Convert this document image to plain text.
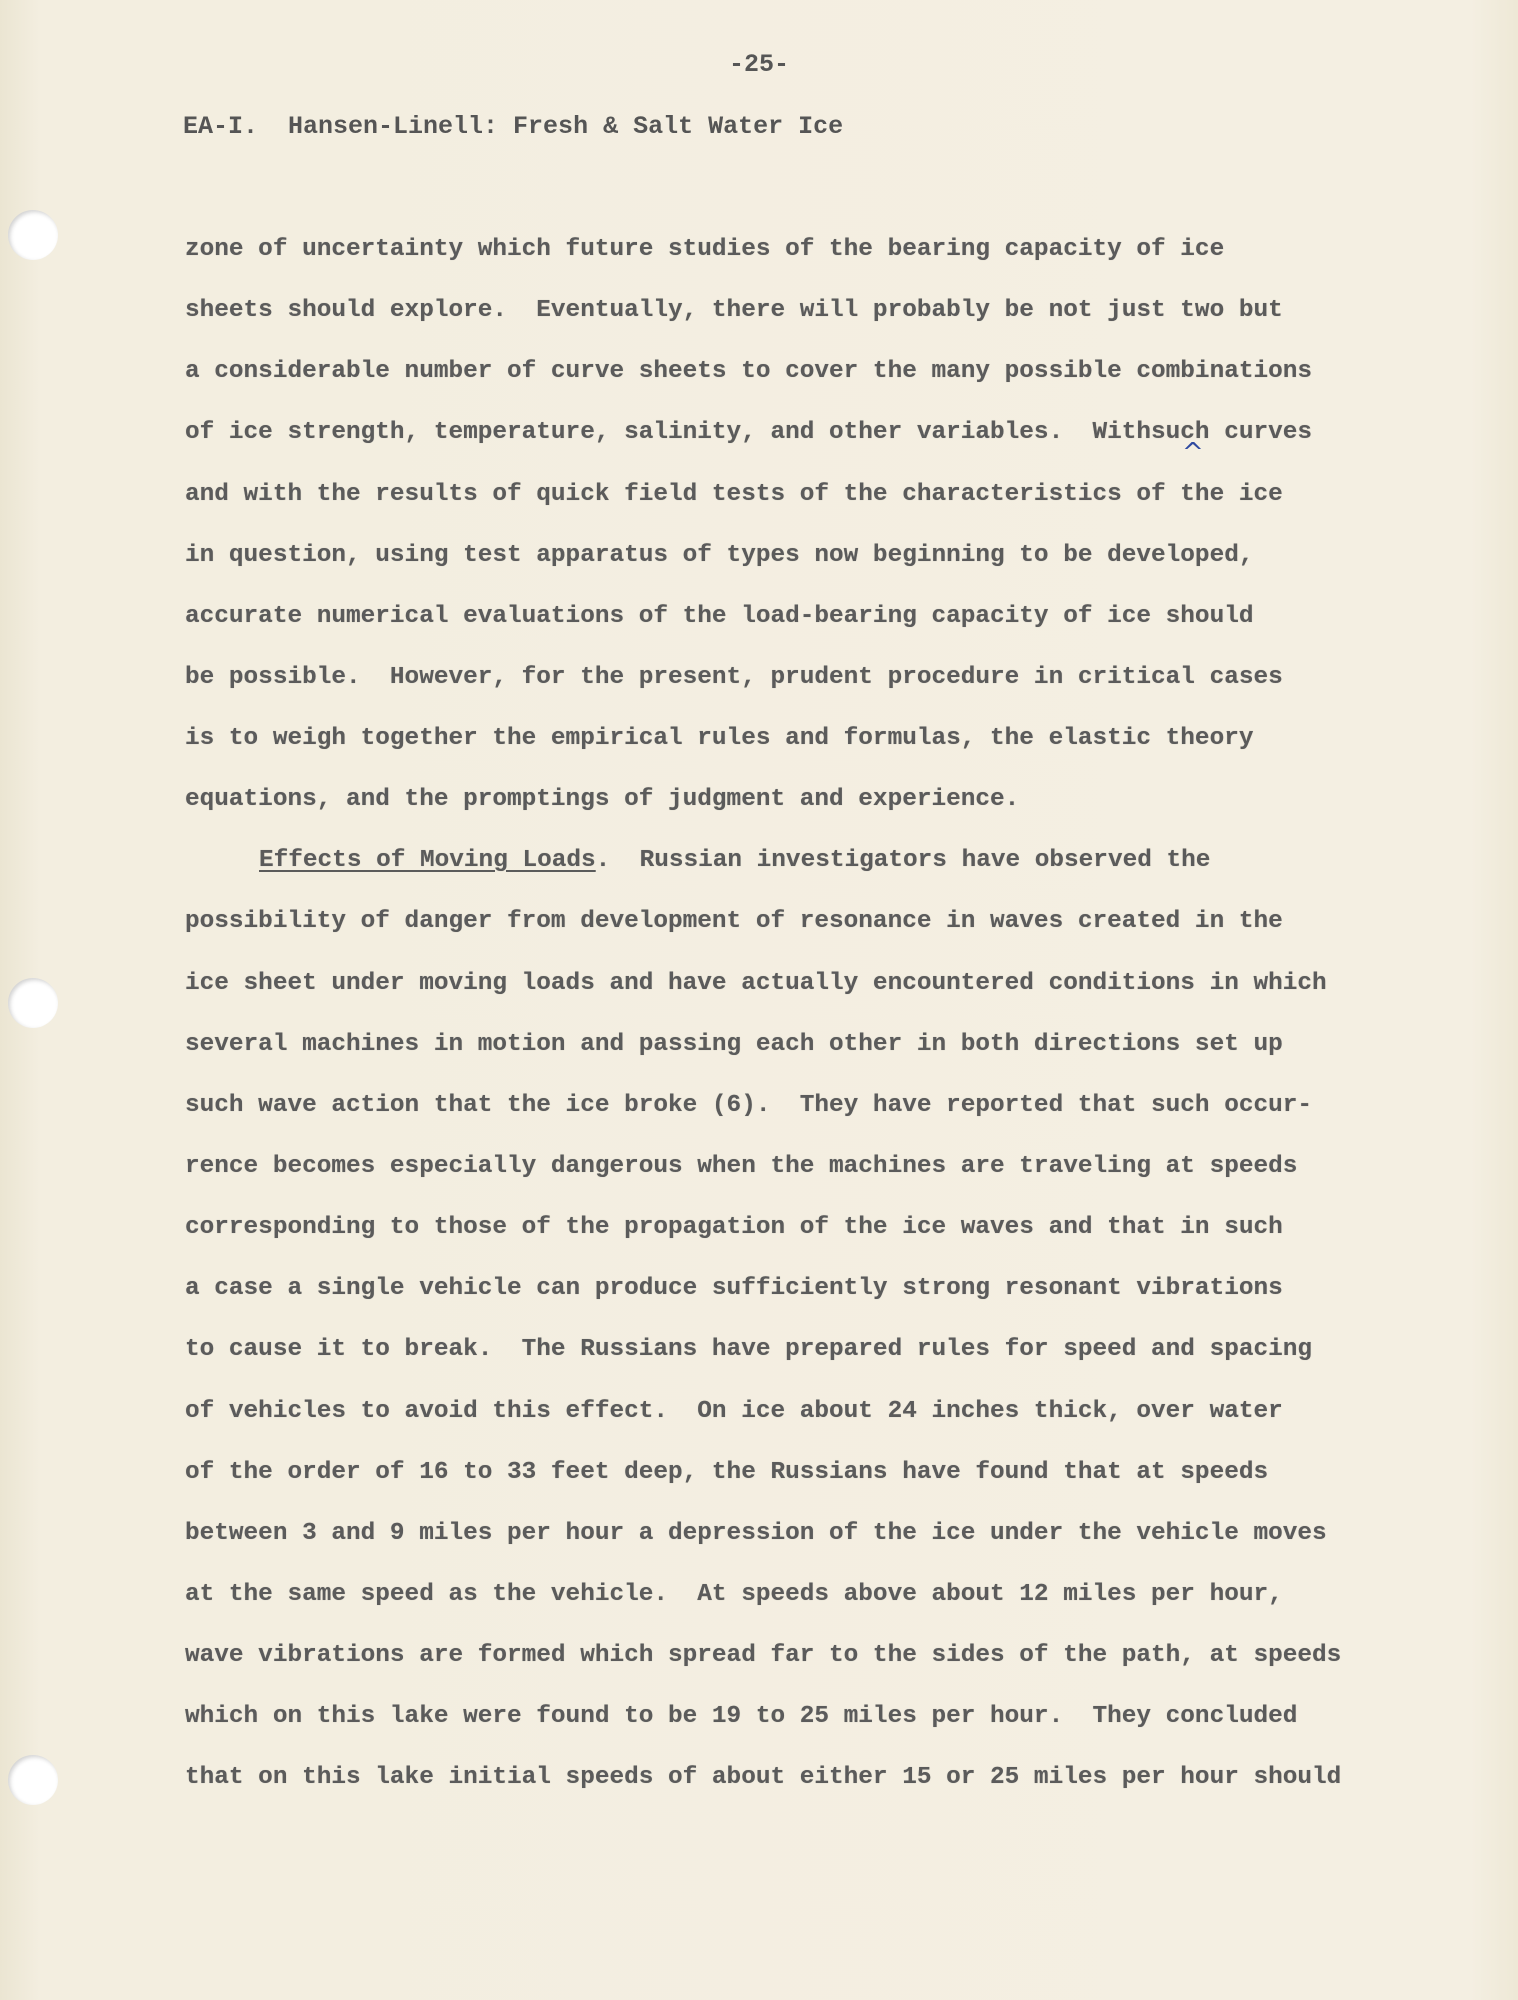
-25-
EA-I.  Hansen-Linell: Fresh & Salt Water Ice
^
zone of uncertainty which future studies of the bearing capacity of ice
sheets should explore.  Eventually, there will probably be not just two but
a considerable number of curve sheets to cover the many possible combinations
of ice strength, temperature, salinity, and other variables.  Withsuch curves
and with the results of quick field tests of the characteristics of the ice
in question, using test apparatus of types now beginning to be developed,
accurate numerical evaluations of the load-bearing capacity of ice should
be possible.  However, for the present, prudent procedure in critical cases
is to weigh together the empirical rules and formulas, the elastic theory
equations, and the promptings of judgment and experience.
Effects of Moving Loads.  Russian investigators have observed the
possibility of danger from development of resonance in waves created in the
ice sheet under moving loads and have actually encountered conditions in which
several machines in motion and passing each other in both directions set up
such wave action that the ice broke (6).  They have reported that such occur-
rence becomes especially dangerous when the machines are traveling at speeds
corresponding to those of the propagation of the ice waves and that in such
a case a single vehicle can produce sufficiently strong resonant vibrations
to cause it to break.  The Russians have prepared rules for speed and spacing
of vehicles to avoid this effect.  On ice about 24 inches thick, over water
of the order of 16 to 33 feet deep, the Russians have found that at speeds
between 3 and 9 miles per hour a depression of the ice under the vehicle moves
at the same speed as the vehicle.  At speeds above about 12 miles per hour,
wave vibrations are formed which spread far to the sides of the path, at speeds
which on this lake were found to be 19 to 25 miles per hour.  They concluded
that on this lake initial speeds of about either 15 or 25 miles per hour should
